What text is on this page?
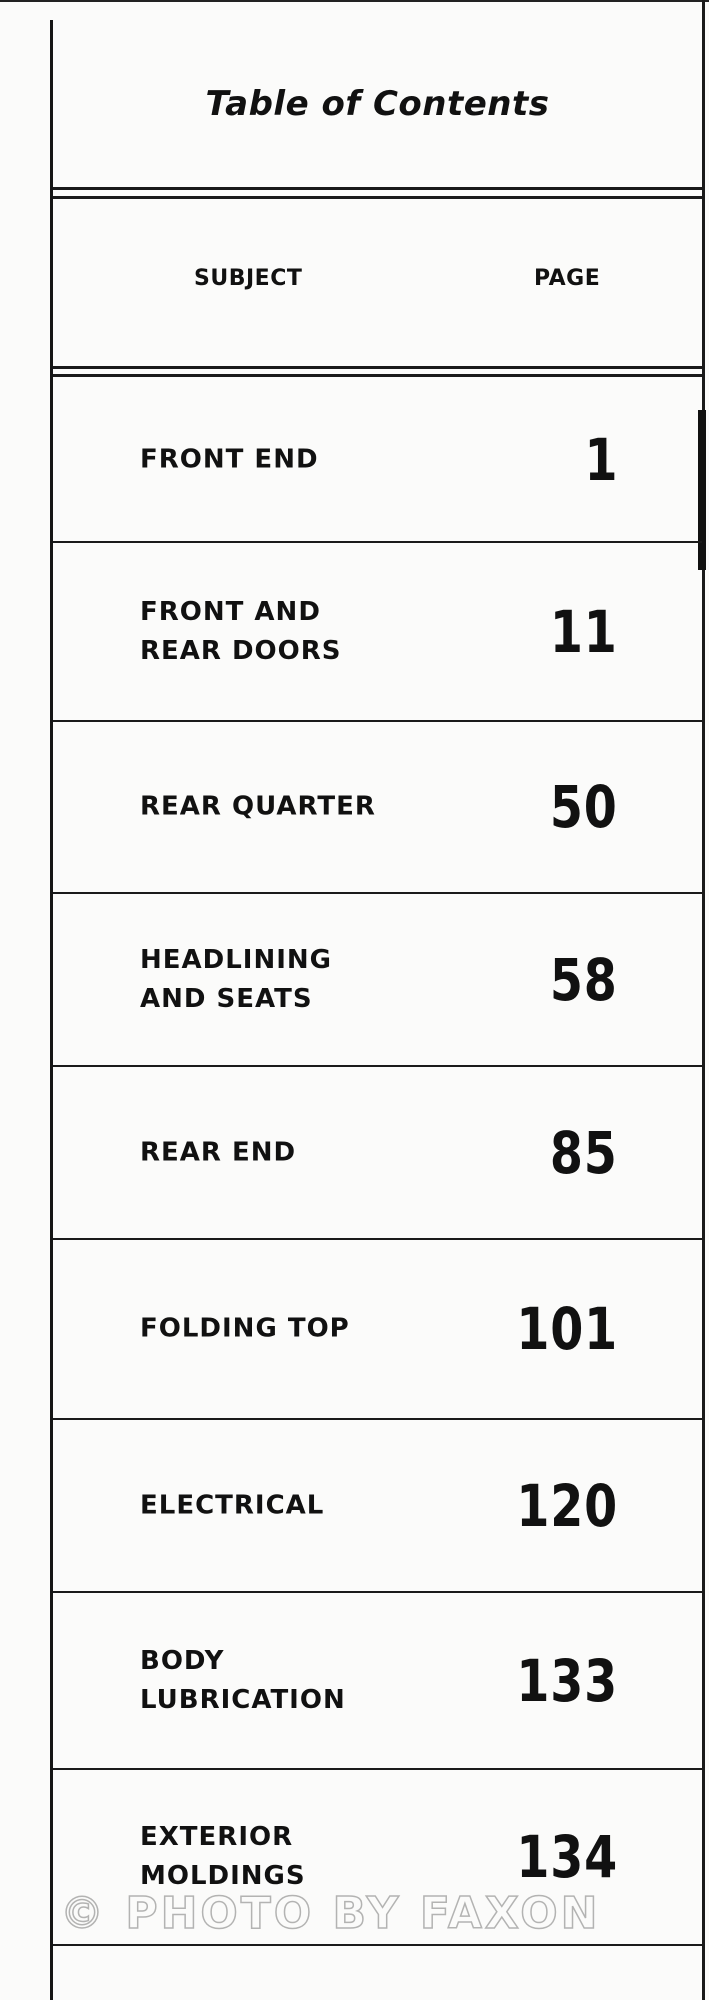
Table of Contents
SUBJECT	PAGE
FRONT END	1
FRONT AND
REAR DOORS	11
REAR QUARTER	50
HEADLINING
AND SEATS	58
REAR END	85
FOLDING TOP	101
ELECTRICAL	120
BODY
LUBRICATION	133
EXTERIOR
MOLDINGS	134
© PHOTO BY FAXON
